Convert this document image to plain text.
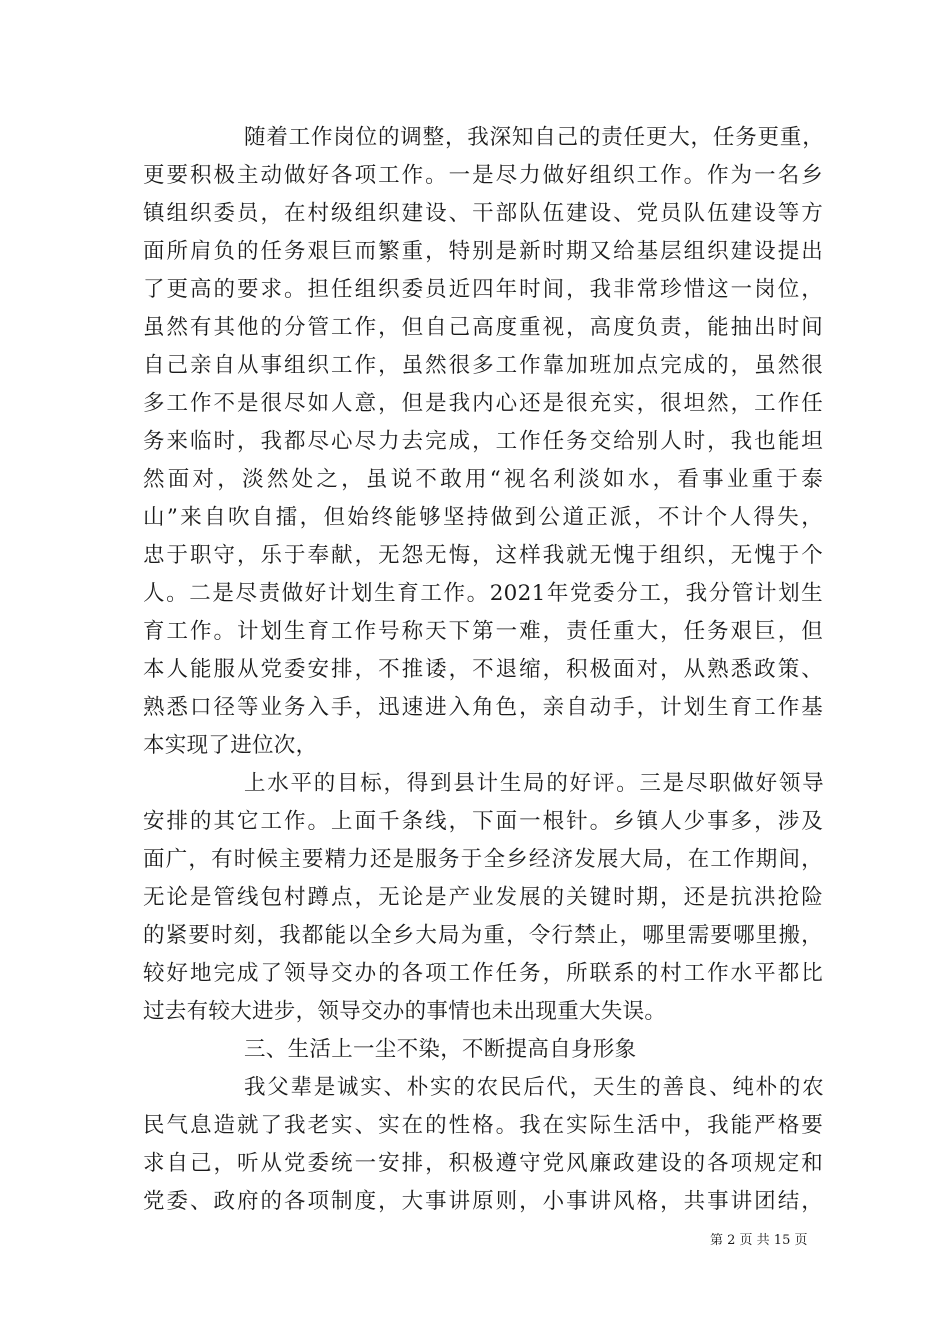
随着工作岗位的调整，我深知自己的责任更大，任务更重，
更要积极主动做好各项工作。一是尽力做好组织工作。作为一名乡
镇组织委员，在村级组织建设、干部队伍建设、党员队伍建设等方
面所肩负的任务艰巨而繁重，特别是新时期又给基层组织建设提出
了更高的要求。担任组织委员近四年时间，我非常珍惜这一岗位，
虽然有其他的分管工作，但自己高度重视，高度负责，能抽出时间
自己亲自从事组织工作，虽然很多工作靠加班加点完成的，虽然很
多工作不是很尽如人意，但是我内心还是很充实，很坦然，工作任
务来临时，我都尽心尽力去完成，工作任务交给别人时，我也能坦
然面对，淡然处之，虽说不敢用“视名利淡如水，看事业重于泰
山”来自吹自擂，但始终能够坚持做到公道正派，不计个人得失，
忠于职守，乐于奉献，无怨无悔，这样我就无愧于组织，无愧于个
人。二是尽责做好计划生育工作。2021年党委分工，我分管计划生
育工作。计划生育工作号称天下第一难，责任重大，任务艰巨，但
本人能服从党委安排，不推诿，不退缩，积极面对，从熟悉政策、
熟悉口径等业务入手，迅速进入角色，亲自动手，计划生育工作基
本实现了进位次，
上水平的目标，得到县计生局的好评。三是尽职做好领导
安排的其它工作。上面千条线，下面一根针。乡镇人少事多，涉及
面广，有时候主要精力还是服务于全乡经济发展大局，在工作期间，
无论是管线包村蹲点，无论是产业发展的关键时期，还是抗洪抢险
的紧要时刻，我都能以全乡大局为重，令行禁止，哪里需要哪里搬，
较好地完成了领导交办的各项工作任务，所联系的村工作水平都比
过去有较大进步，领导交办的事情也未出现重大失误。
三、生活上一尘不染，不断提高自身形象
我父辈是诚实、朴实的农民后代，天生的善良、纯朴的农
民气息造就了我老实、实在的性格。我在实际生活中，我能严格要
求自己，听从党委统一安排，积极遵守党风廉政建设的各项规定和
党委、政府的各项制度，大事讲原则，小事讲风格，共事讲团结，
第 2 页 共 15 页
